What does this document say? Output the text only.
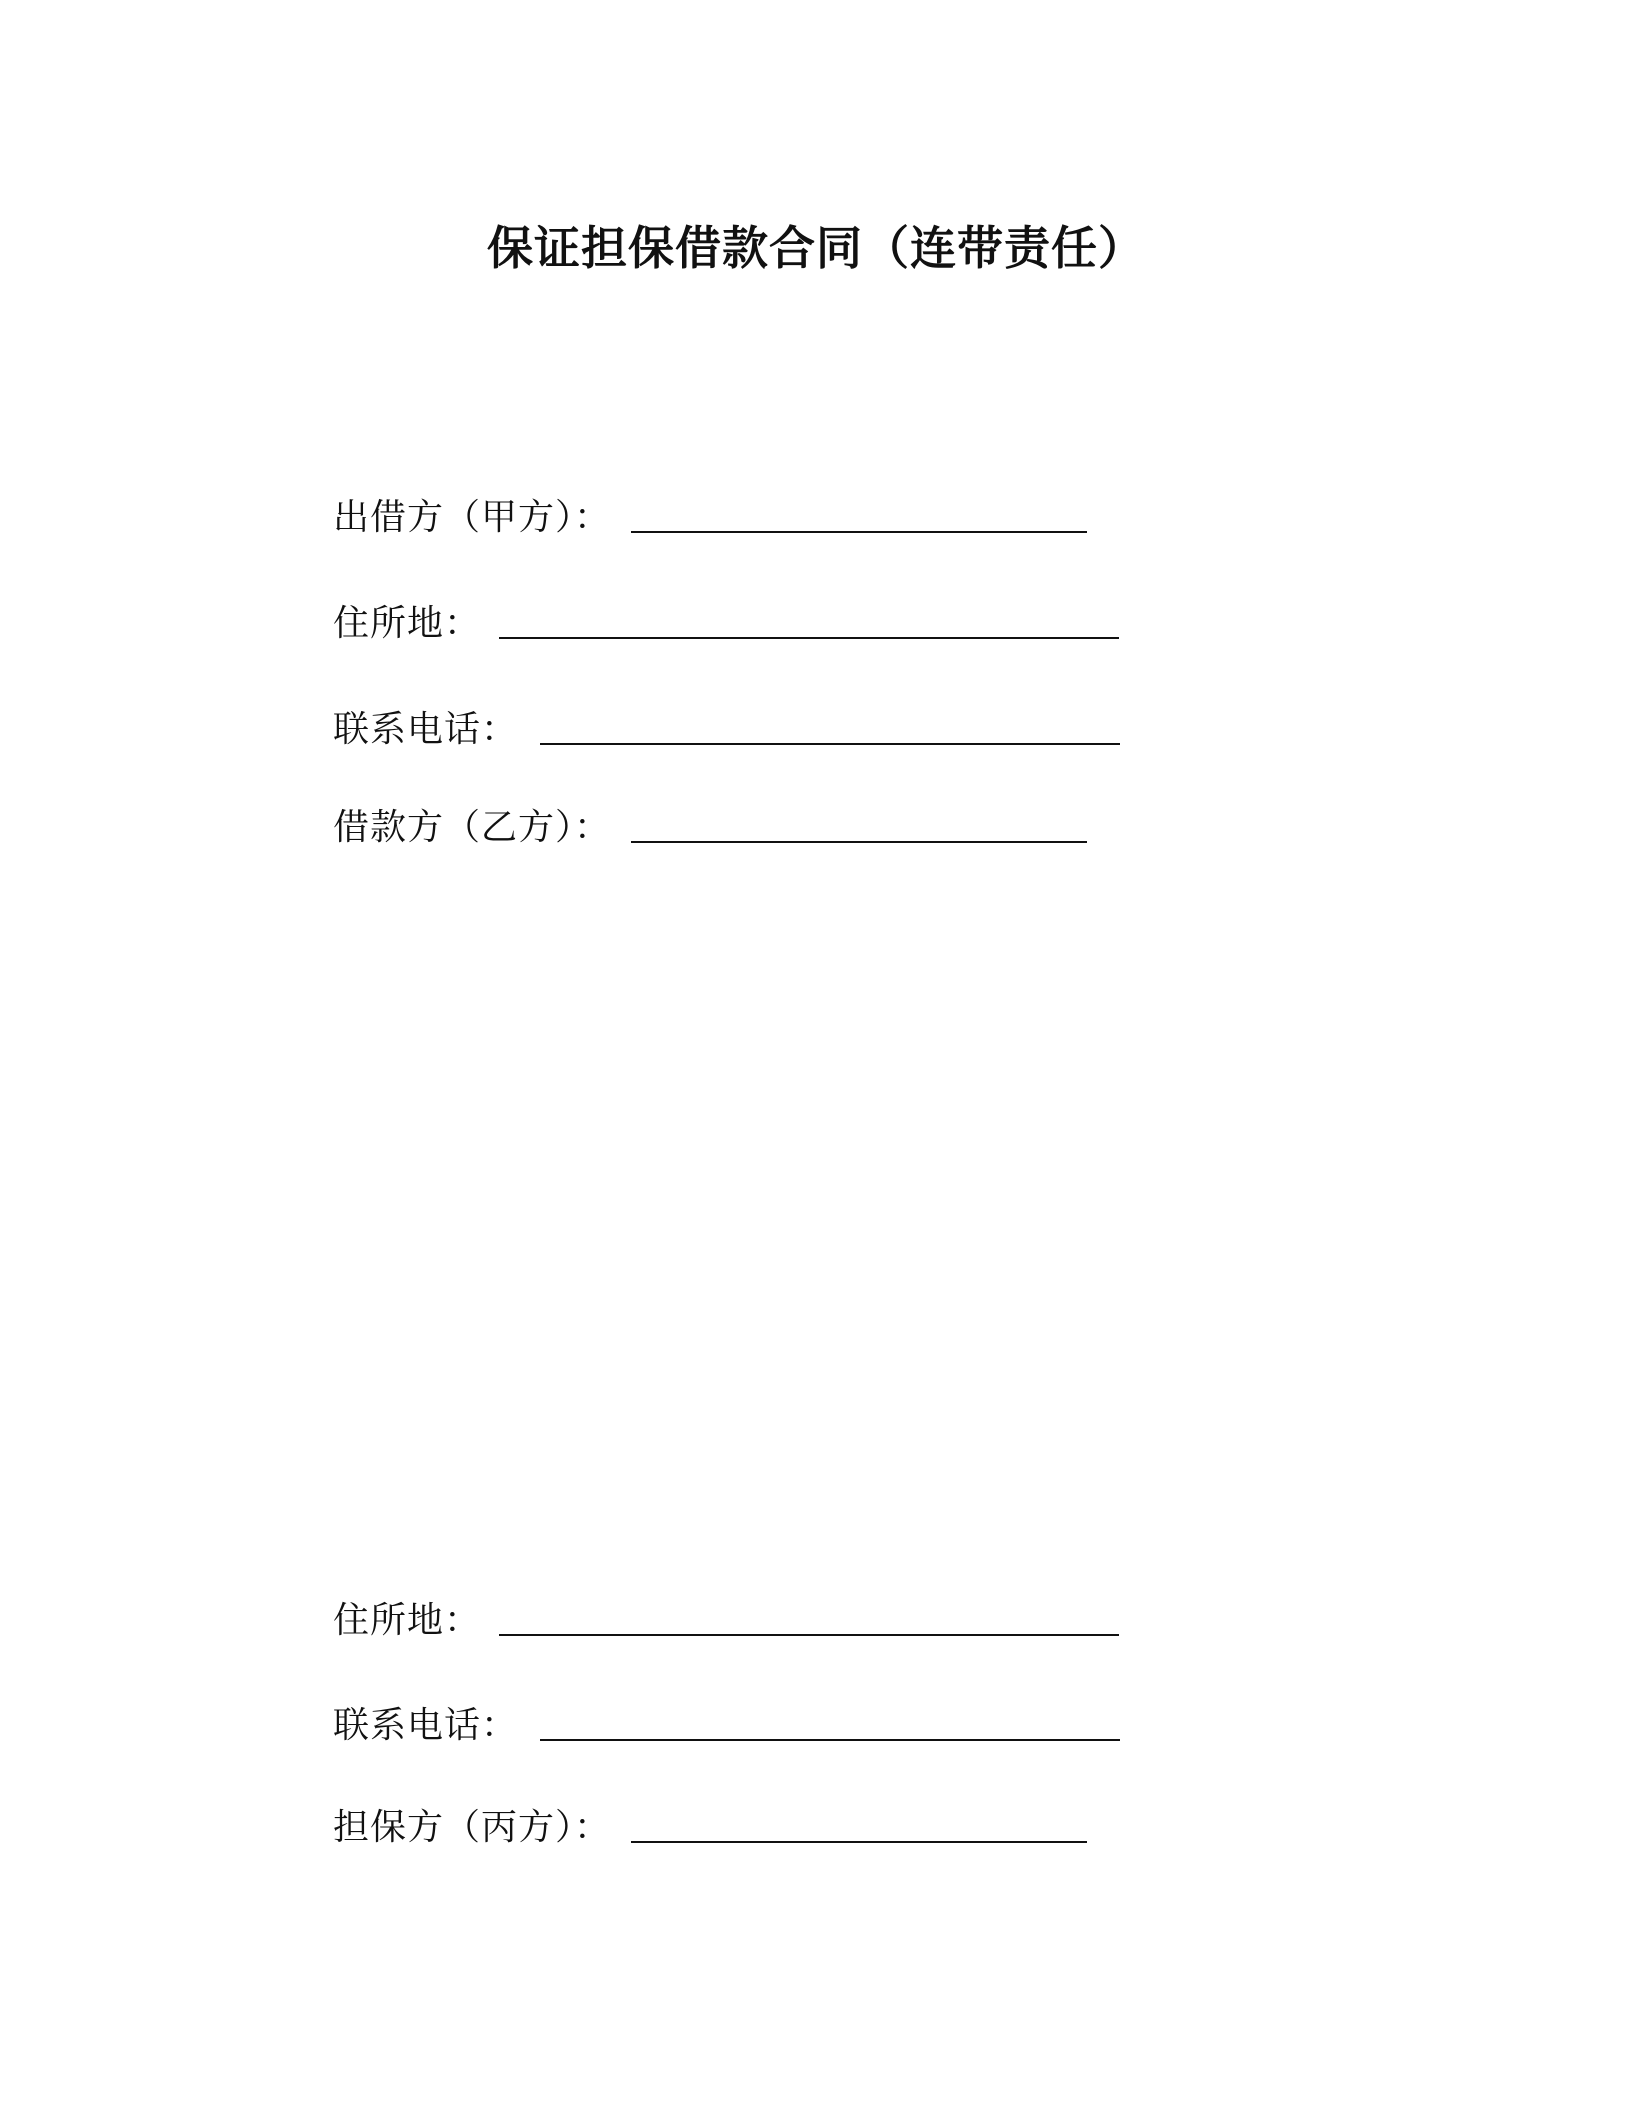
保证担保借款合同（连带责任）
出借方（甲方）：
住所地：
联系电话：
借款方（乙方）：
住所地：
联系电话：
担保方（丙方）：
